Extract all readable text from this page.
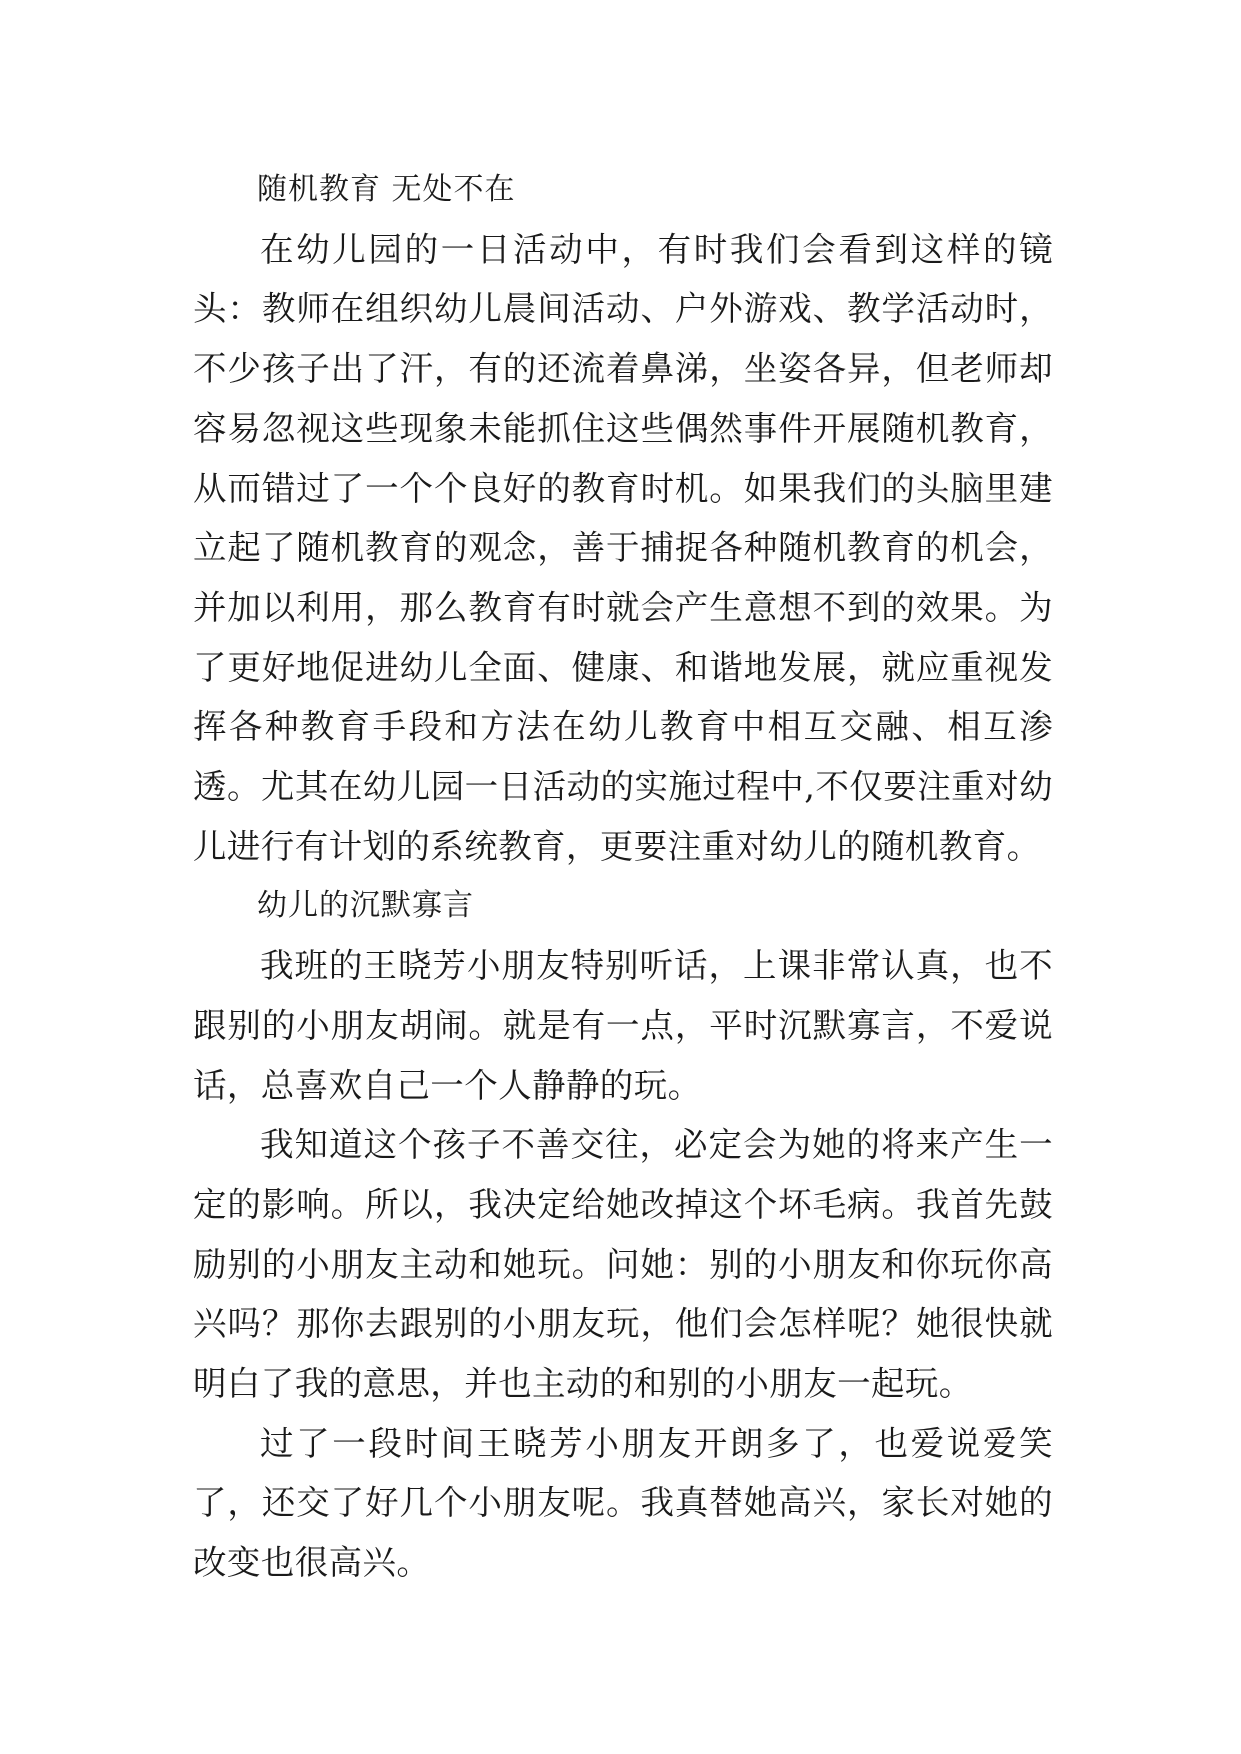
随机教育 无处不在

在幼儿园的一日活动中，有时我们会看到这样的镜头：教师在组织幼儿晨间活动、户外游戏、教学活动时，不少孩子出了汗，有的还流着鼻涕，坐姿各异，但老师却容易忽视这些现象未能抓住这些偶然事件开展随机教育，从而错过了一个个良好的教育时机。如果我们的头脑里建立起了随机教育的观念，善于捕捉各种随机教育的机会，并加以利用，那么教育有时就会产生意想不到的效果。为了更好地促进幼儿全面、健康、和谐地发展，就应重视发挥各种教育手段和方法在幼儿教育中相互交融、相互渗透。尤其在幼儿园一日活动的实施过程中,不仅要注重对幼儿进行有计划的系统教育，更要注重对幼儿的随机教育。

幼儿的沉默寡言

我班的王晓芳小朋友特别听话，上课非常认真，也不跟别的小朋友胡闹。就是有一点，平时沉默寡言，不爱说话，总喜欢自己一个人静静的玩。

我知道这个孩子不善交往，必定会为她的将来产生一定的影响。所以，我决定给她改掉这个坏毛病。我首先鼓励别的小朋友主动和她玩。问她：别的小朋友和你玩你高兴吗？那你去跟别的小朋友玩，他们会怎样呢？她很快就明白了我的意思，并也主动的和别的小朋友一起玩。

过了一段时间王晓芳小朋友开朗多了，也爱说爱笑了，还交了好几个小朋友呢。我真替她高兴，家长对她的改变也很高兴。
